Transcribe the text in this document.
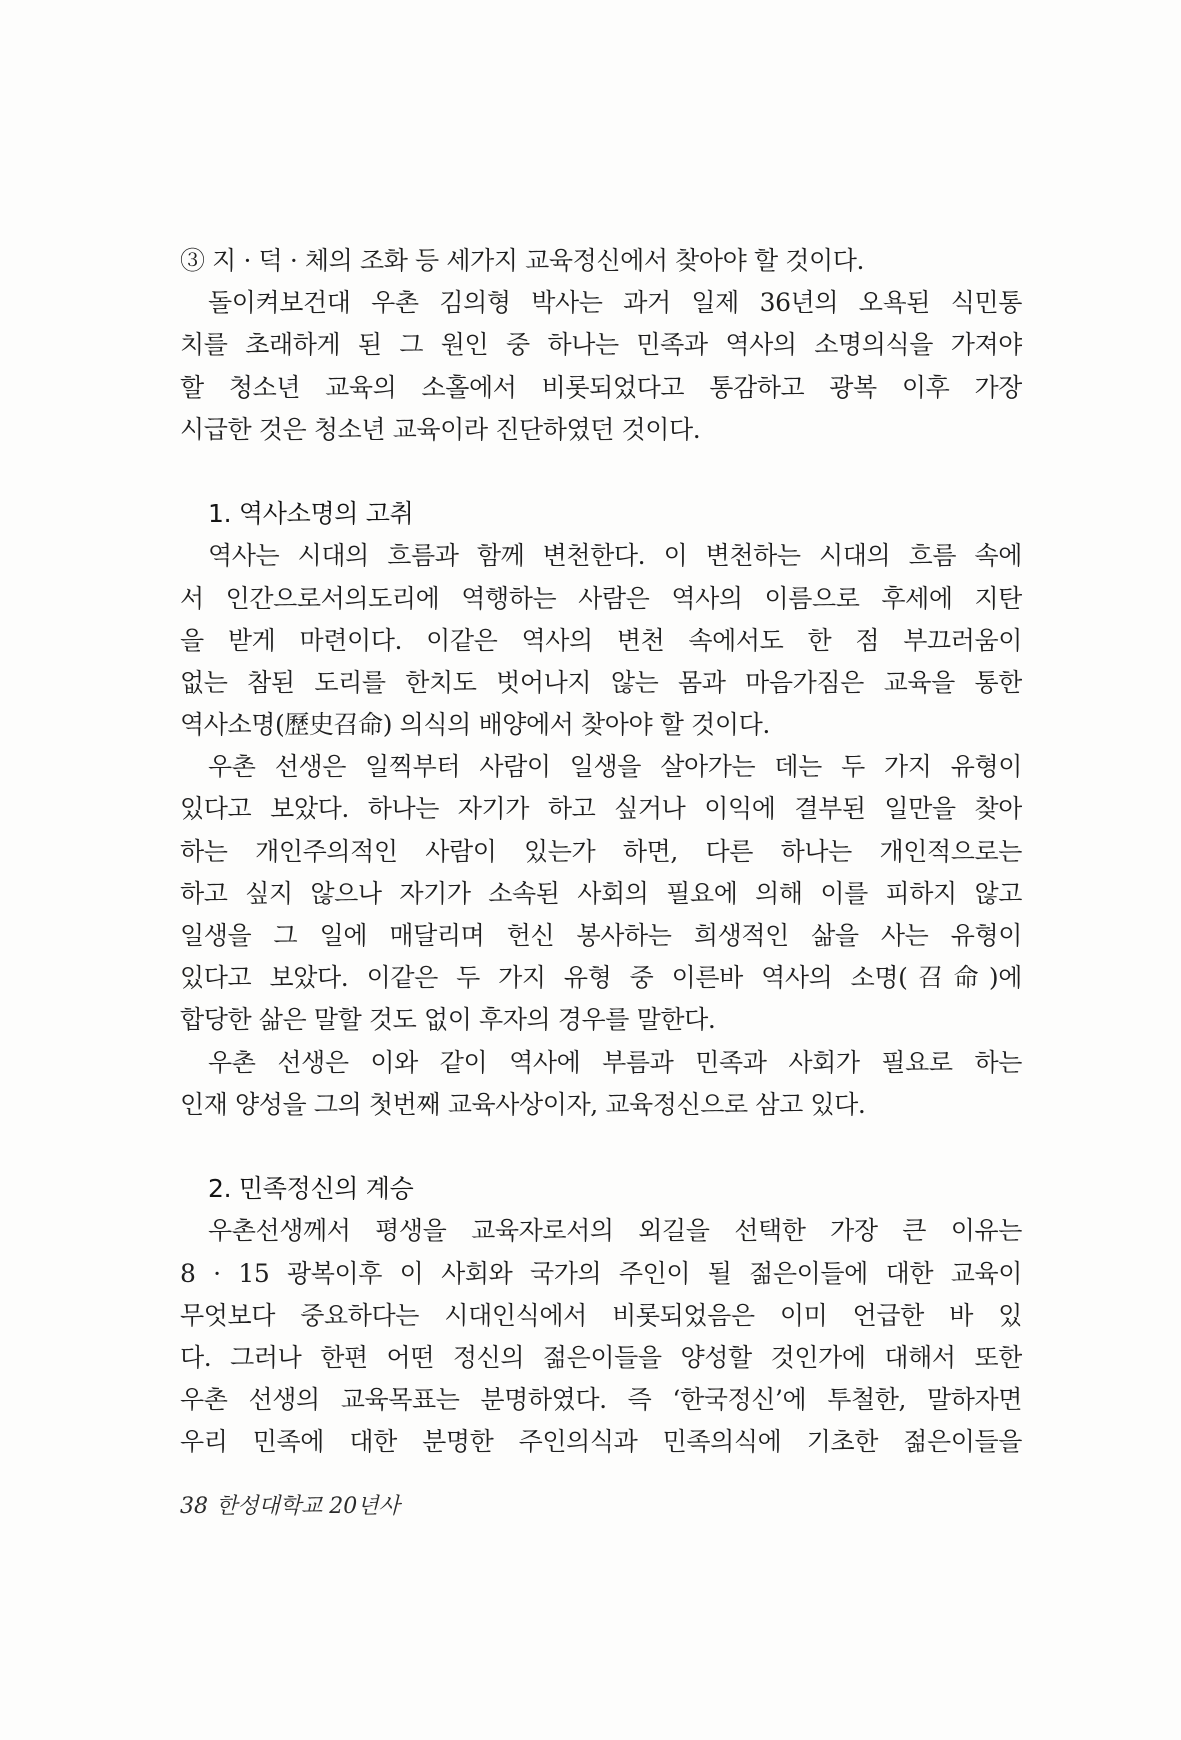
③ 지 · 덕 · 체의 조화 등 세가지 교육정신에서 찾아야 할 것이다.
돌이켜보건대 우촌 김의형 박사는 과거 일제 36년의 오욕된 식민통
치를 초래하게 된 그 원인 중 하나는 민족과 역사의 소명의식을 가져야
할 청소년 교육의 소홀에서 비롯되었다고 통감하고 광복 이후 가장
시급한 것은 청소년 교육이라 진단하였던 것이다.
1. 역사소명의 고취
역사는 시대의 흐름과 함께 변천한다. 이 변천하는 시대의 흐름 속에
서 인간으로서의도리에 역행하는 사람은 역사의 이름으로 후세에 지탄
을 받게 마련이다. 이같은 역사의 변천 속에서도 한 점 부끄러움이
없는 참된 도리를 한치도 벗어나지 않는 몸과 마음가짐은 교육을 통한
역사소명(歷史召命) 의식의 배양에서 찾아야 할 것이다.
우촌 선생은 일찍부터 사람이 일생을 살아가는 데는 두 가지 유형이
있다고 보았다. 하나는 자기가 하고 싶거나 이익에 결부된 일만을 찾아
하는 개인주의적인 사람이 있는가 하면, 다른 하나는 개인적으로는
하고 싶지 않으나 자기가 소속된 사회의 필요에 의해 이를 피하지 않고
일생을 그 일에 매달리며 헌신 봉사하는 희생적인 삶을 사는 유형이
있다고 보았다. 이같은 두 가지 유형 중 이른바 역사의 소명(召命)에
합당한 삶은 말할 것도 없이 후자의 경우를 말한다.
우촌 선생은 이와 같이 역사에 부름과 민족과 사회가 필요로 하는
인재 양성을 그의 첫번째 교육사상이자, 교육정신으로 삼고 있다.
2. 민족정신의 계승
우촌선생께서 평생을 교육자로서의 외길을 선택한 가장 큰 이유는
8 · 15 광복이후 이 사회와 국가의 주인이 될 젊은이들에 대한 교육이
무엇보다 중요하다는 시대인식에서 비롯되었음은 이미 언급한 바 있
다. 그러나 한편 어떤 정신의 젊은이들을 양성할 것인가에 대해서 또한
우촌 선생의 교육목표는 분명하였다. 즉 ‘한국정신’에 투철한, 말하자면
우리 민족에 대한 분명한 주인의식과 민족의식에 기초한 젊은이들을
38 한성대학교 20년사
